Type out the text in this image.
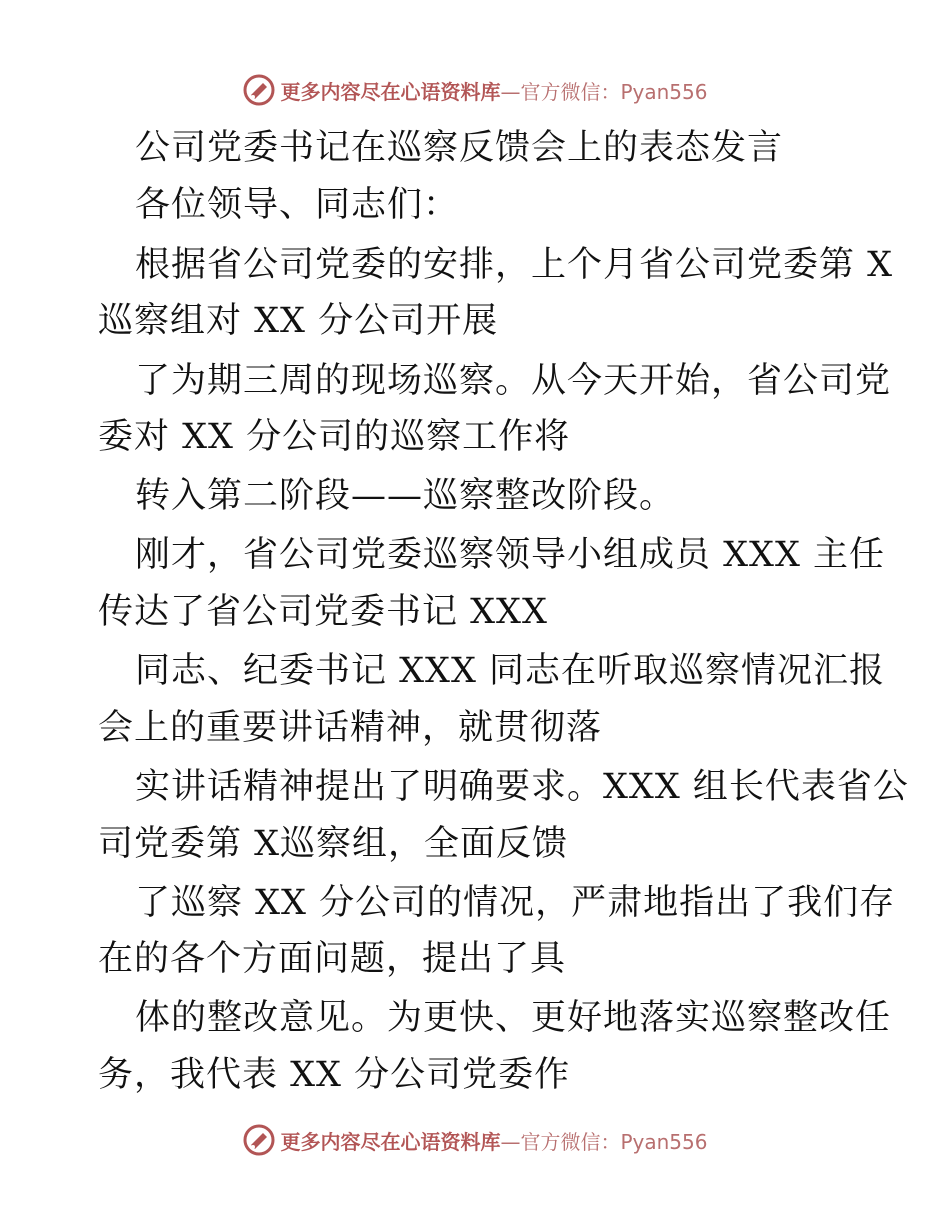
更多内容尽在心语资料库—官方微信：Pyan556
公司党委书记在巡察反馈会上的表态发言
各位领导、同志们：
根据省公司党委的安排，上个月省公司党委第 X
巡察组对 XX 分公司开展
了为期三周的现场巡察。从今天开始，省公司党
委对 XX 分公司的巡察工作将
转入第二阶段——巡察整改阶段。
刚才，省公司党委巡察领导小组成员 XXX 主任
传达了省公司党委书记 XXX
同志、纪委书记 XXX 同志在听取巡察情况汇报
会上的重要讲话精神，就贯彻落
实讲话精神提出了明确要求。XXX 组长代表省公
司党委第 X巡察组，全面反馈
了巡察 XX 分公司的情况，严肃地指出了我们存
在的各个方面问题，提出了具
体的整改意见。为更快、更好地落实巡察整改任
务，我代表 XX 分公司党委作
更多内容尽在心语资料库—官方微信：Pyan556
